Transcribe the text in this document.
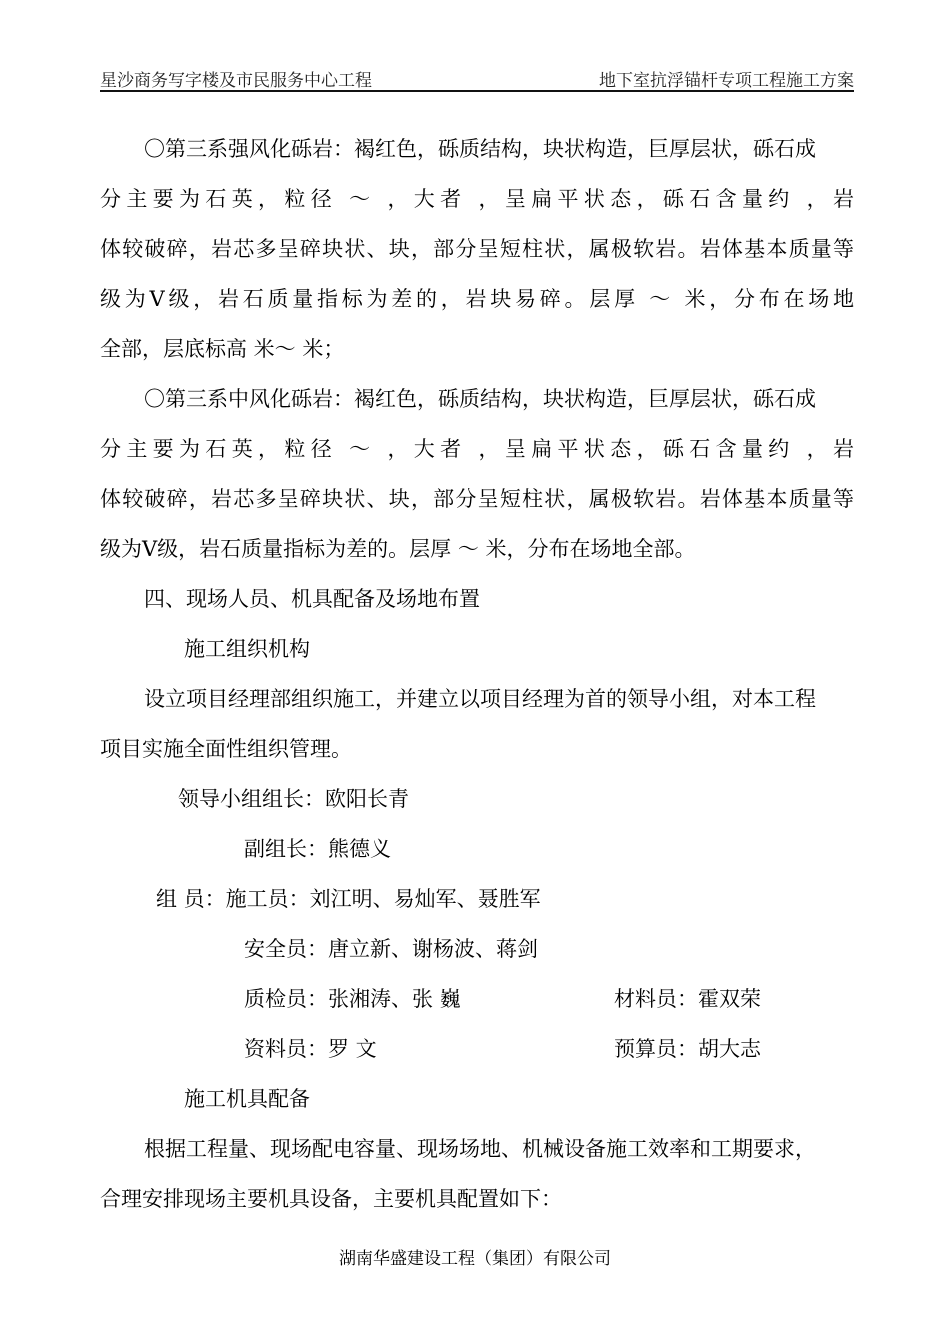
星沙商务写字楼及市民服务中心工程	地下室抗浮锚杆专项工程施工方案
〇第三系强风化砾岩：褐红色，砾质结构，块状构造，巨厚层状，砾石成
分主要为石英，粒径 ～ ，大者 ，呈扁平状态，砾石含量约 ，岩
体较破碎，岩芯多呈碎块状、块，部分呈短柱状，属极软岩。岩体基本质量等
级为Ⅴ级，岩石质量指标为差的，岩块易碎。层厚 ～ 米，分布在场地
全部，层底标高 米～ 米；
〇第三系中风化砾岩：褐红色，砾质结构，块状构造，巨厚层状，砾石成
分主要为石英，粒径 ～ ，大者 ，呈扁平状态，砾石含量约 ，岩
体较破碎，岩芯多呈碎块状、块，部分呈短柱状，属极软岩。岩体基本质量等
级为Ⅴ级，岩石质量指标为差的。层厚 ～ 米，分布在场地全部。
四、现场人员、机具配备及场地布置
施工组织机构
设立项目经理部组织施工，并建立以项目经理为首的领导小组，对本工程
项目实施全面性组织管理。
领导小组组长：欧阳长青
副组长：熊德义
组 员：施工员：刘江明、易灿军、聂胜军
安全员：唐立新、谢杨波、蒋剑
质检员：张湘涛、张 巍	材料员：霍双荣
资料员：罗 文	预算员：胡大志
施工机具配备
根据工程量、现场配电容量、现场场地、机械设备施工效率和工期要求，
合理安排现场主要机具设备，主要机具配置如下：
湖南华盛建设工程（集团）有限公司
